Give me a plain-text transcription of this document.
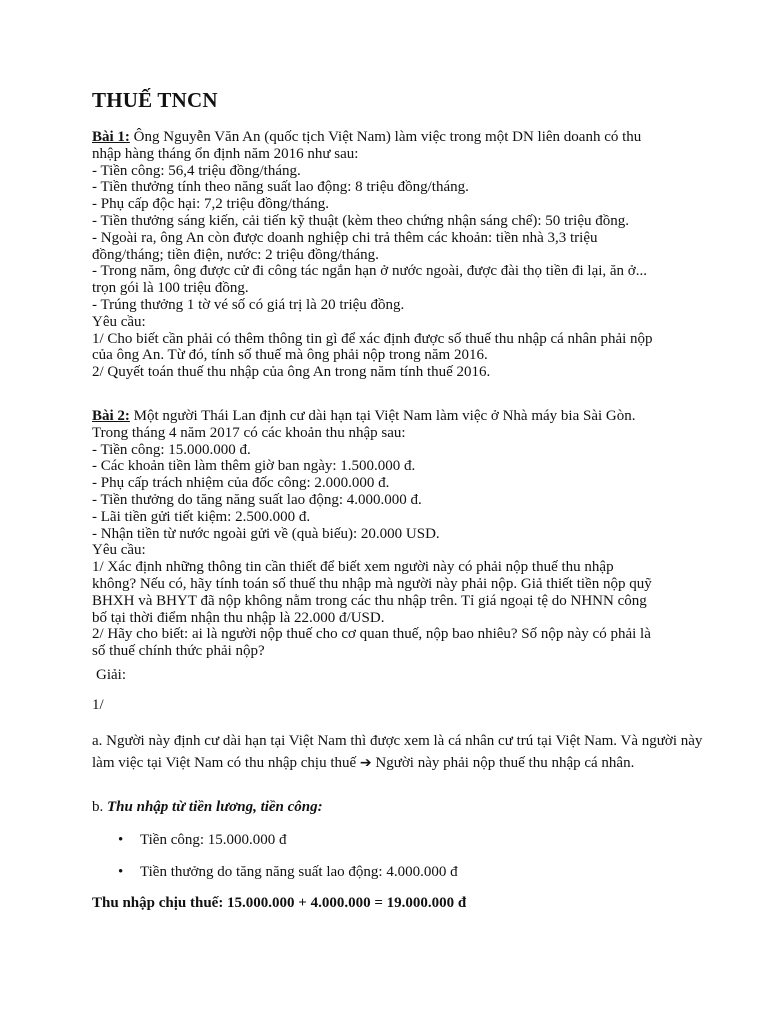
THUẾ TNCN

Bài 1: Ông Nguyễn Văn An (quốc tịch Việt Nam) làm việc trong một DN liên doanh có thu

nhập hàng tháng ổn định năm 2016 như sau:

- Tiền công: 56,4 triệu đồng/tháng.

- Tiền thưởng tính theo năng suất lao động: 8 triệu đồng/tháng.

- Phụ cấp độc hại: 7,2 triệu đồng/tháng.

- Tiền thưởng sáng kiến, cải tiến kỹ thuật (kèm theo chứng nhận sáng chế): 50 triệu đồng.

- Ngoài ra, ông An còn được doanh nghiệp chi trả thêm các khoản: tiền nhà 3,3 triệu

đồng/tháng; tiền điện, nước: 2 triệu đồng/tháng.

- Trong năm, ông được cử đi công tác ngắn hạn ở nước ngoài, được đài thọ tiền đi lại, ăn ở...

trọn gói là 100 triệu đồng.

- Trúng thưởng 1 tờ vé số có giá trị là 20 triệu đồng.

Yêu cầu:

1/ Cho biết cần phải có thêm thông tin gì để xác định được số thuế thu nhập cá nhân phải nộp

của ông An. Từ đó, tính số thuế mà ông phải nộp trong năm 2016.

2/ Quyết toán thuế thu nhập của ông An trong năm tính thuế 2016.

Bài 2: Một người Thái Lan định cư dài hạn tại Việt Nam làm việc ở Nhà máy bia Sài Gòn.

Trong tháng 4 năm 2017 có các khoản thu nhập sau:

- Tiền công: 15.000.000 đ.

- Các khoản tiền làm thêm giờ ban ngày: 1.500.000 đ.

- Phụ cấp trách nhiệm của đốc công: 2.000.000 đ.

- Tiền thưởng do tăng năng suất lao động: 4.000.000 đ.

- Lãi tiền gửi tiết kiệm: 2.500.000 đ.

- Nhận tiền từ nước ngoài gửi về (quà biếu): 20.000 USD.

Yêu cầu:

1/ Xác định những thông tin cần thiết để biết xem người này có phải nộp thuế thu nhập

không? Nếu có, hãy tính toán số thuế thu nhập mà người này phải nộp. Giả thiết tiền nộp quỹ

BHXH và BHYT đã nộp không nằm trong các thu nhập trên. Tỉ giá ngoại tệ do NHNN công

bố tại thời điểm nhận thu nhập là 22.000 đ/USD.

2/ Hãy cho biết: ai là người nộp thuế cho cơ quan thuế, nộp bao nhiêu? Số nộp này có phải là

số thuế chính thức phải nộp?

Giải:
1/
a. Người này định cư dài hạn tại Việt Nam thì được xem là cá nhân cư trú tại Việt Nam. Và người này làm việc tại Việt Nam có thu nhập chịu thuế ➔ Người này phải nộp thuế thu nhập cá nhân.
b. Thu nhập từ tiền lương, tiền công:
• Tiền công: 15.000.000 đ
• Tiền thưởng do tăng năng suất lao động: 4.000.000 đ
Thu nhập chịu thuế: 15.000.000 + 4.000.000 = 19.000.000 đ
